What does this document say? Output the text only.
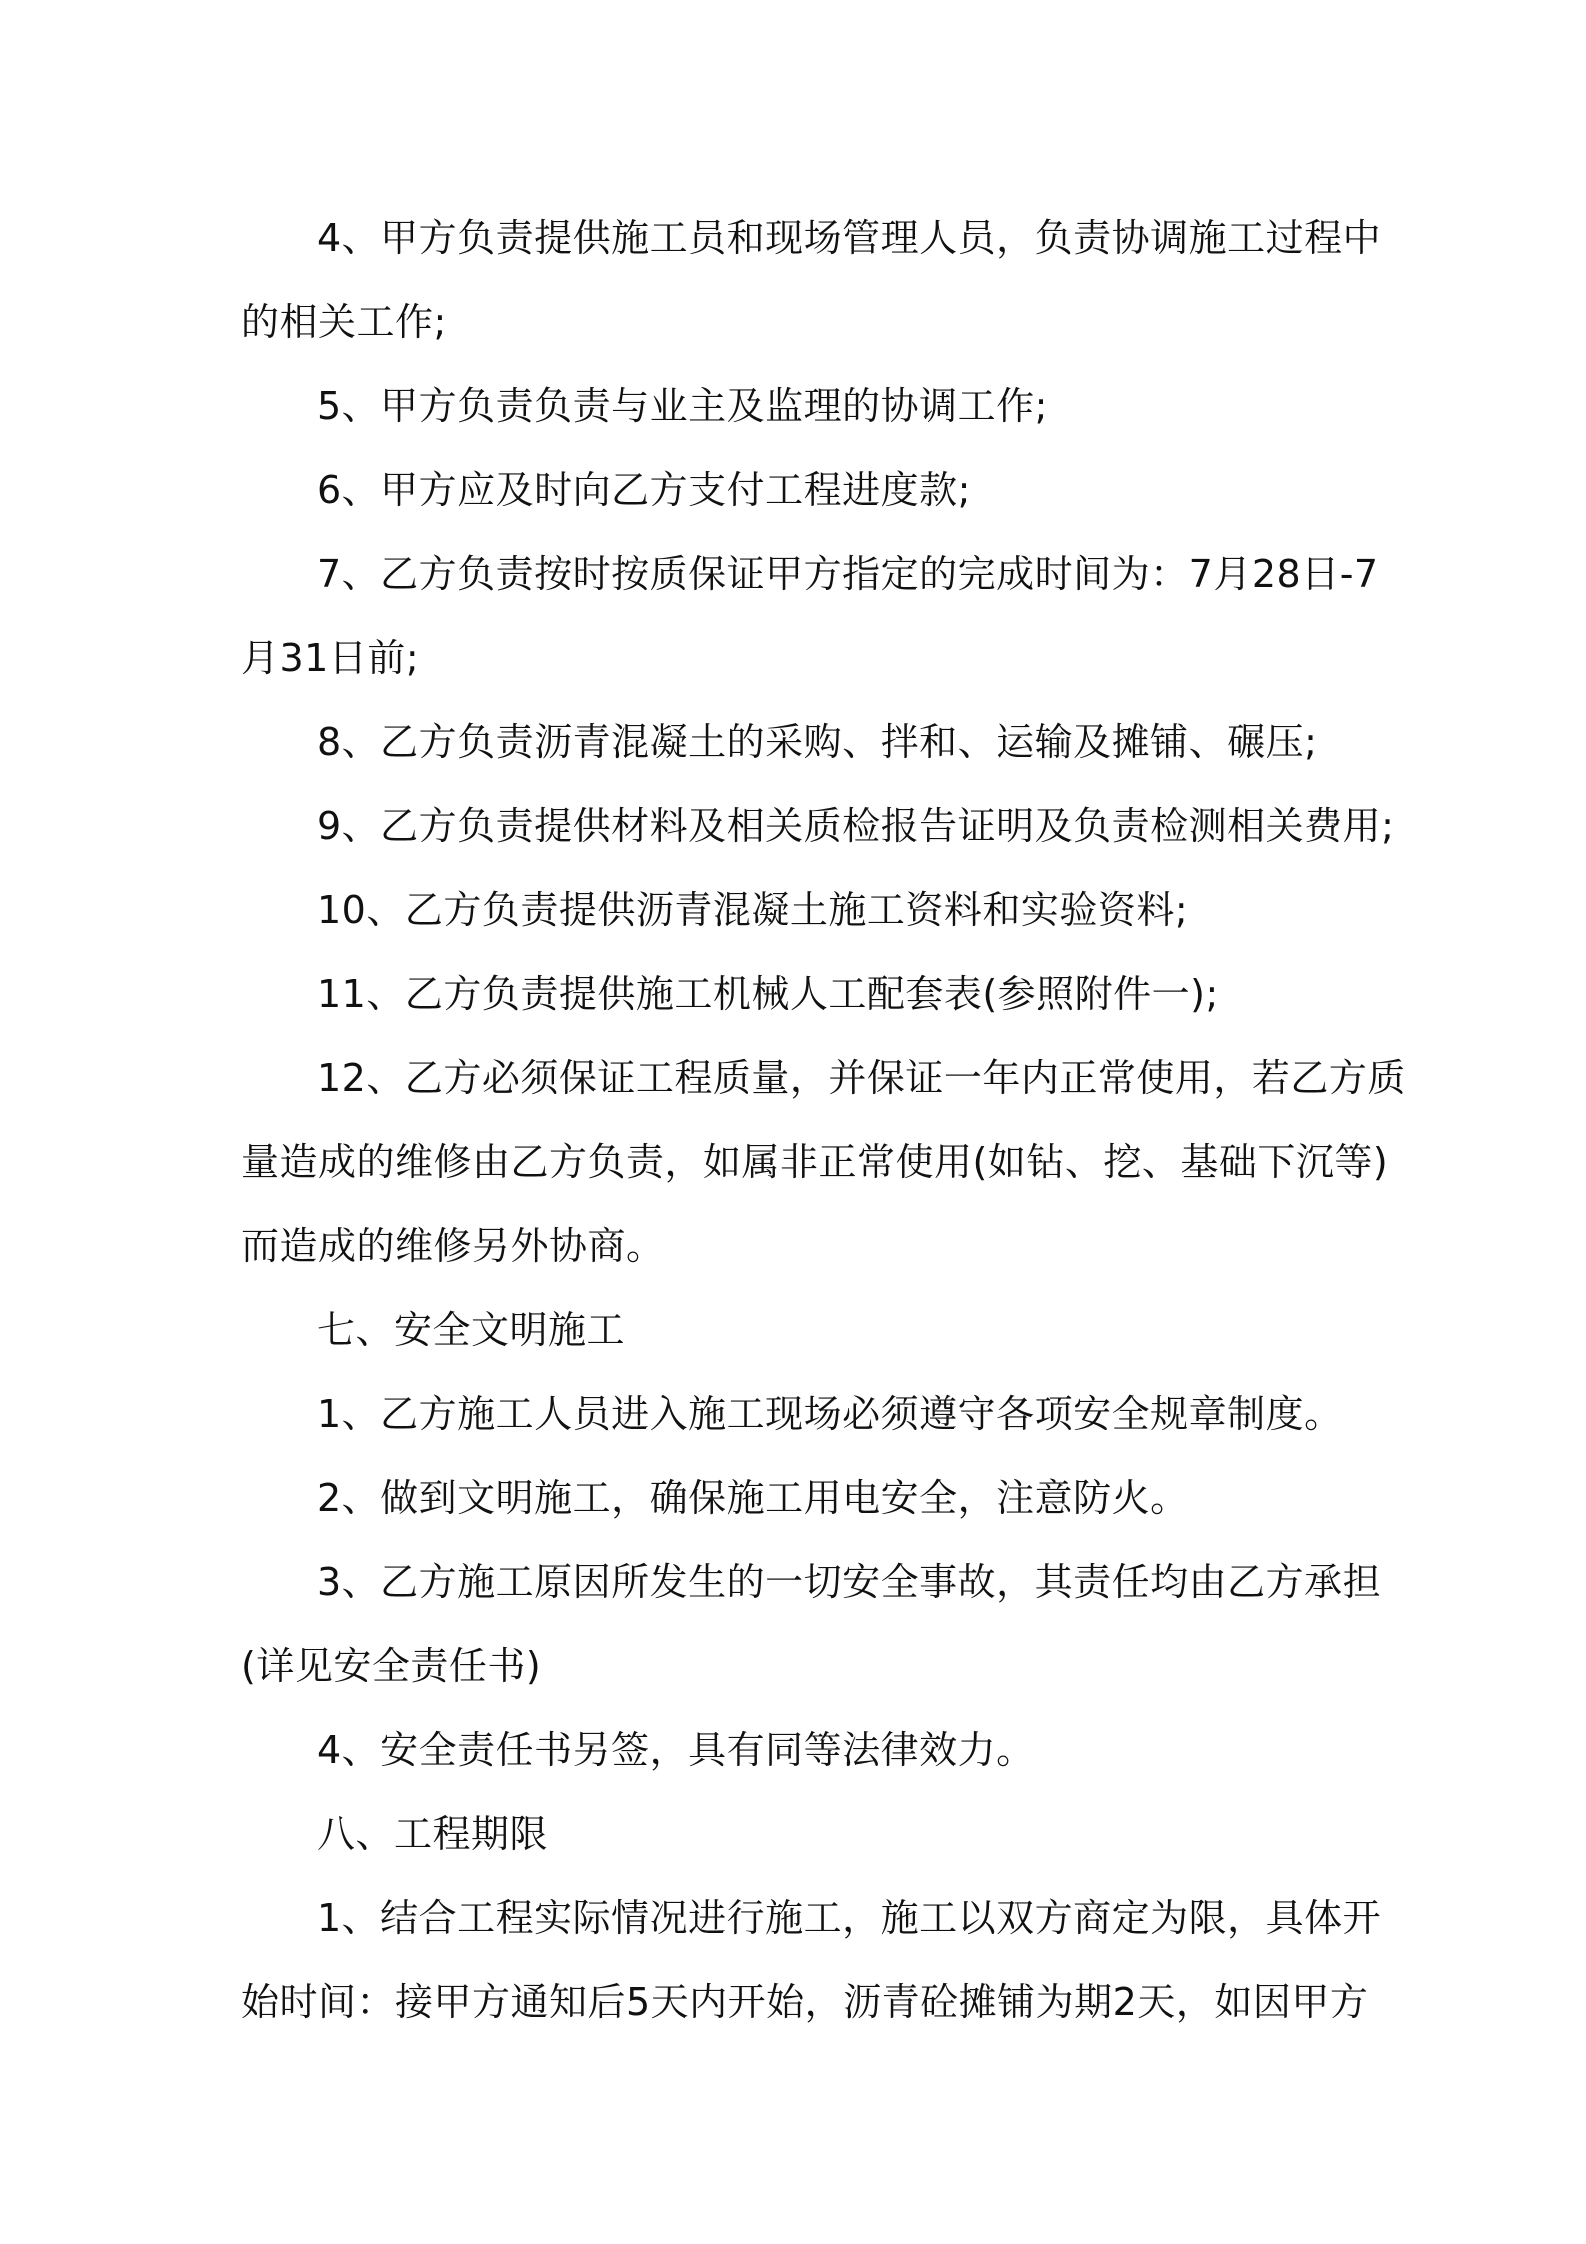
4、甲方负责提供施工员和现场管理人员，负责协调施工过程中
的相关工作;
5、甲方负责负责与业主及监理的协调工作;
6、甲方应及时向乙方支付工程进度款;
7、乙方负责按时按质保证甲方指定的完成时间为：7月28日-7
月31日前;
8、乙方负责沥青混凝土的采购、拌和、运输及摊铺、碾压;
9、乙方负责提供材料及相关质检报告证明及负责检测相关费用;
10、乙方负责提供沥青混凝土施工资料和实验资料;
11、乙方负责提供施工机械人工配套表(参照附件一);
12、乙方必须保证工程质量，并保证一年内正常使用，若乙方质
量造成的维修由乙方负责，如属非正常使用(如钻、挖、基础下沉等)
而造成的维修另外协商。
七、安全文明施工
1、乙方施工人员进入施工现场必须遵守各项安全规章制度。
2、做到文明施工，确保施工用电安全，注意防火。
3、乙方施工原因所发生的一切安全事故，其责任均由乙方承担
(详见安全责任书)
4、安全责任书另签，具有同等法律效力。
八、工程期限
1、结合工程实际情况进行施工，施工以双方商定为限，具体开
始时间：接甲方通知后5天内开始，沥青砼摊铺为期2天，如因甲方
